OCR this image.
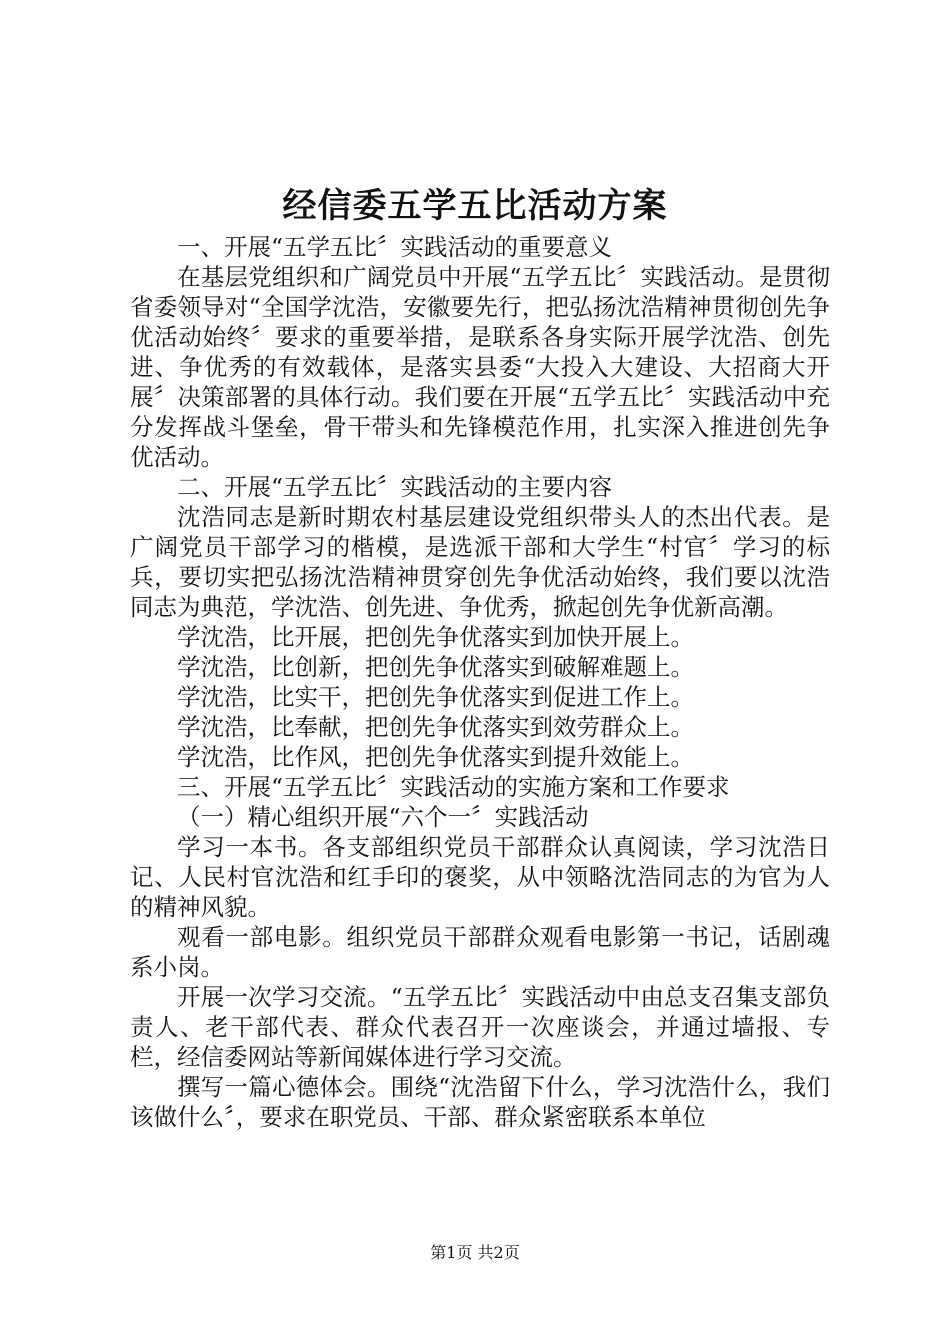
经信委五学五比活动方案

一、开展“五学五比〞实践活动的重要意义

在基层党组织和广阔党员中开展“五学五比〞实践活动。是贯彻省委领导对“全国学沈浩，安徽要先行，把弘扬沈浩精神贯彻创先争优活动始终〞要求的重要举措，是联系各身实际开展学沈浩、创先进、争优秀的有效载体，是落实县委“大投入大建设、大招商大开展〞决策部署的具体行动。我们要在开展“五学五比〞实践活动中充分发挥战斗堡垒，骨干带头和先锋模范作用，扎实深入推进创先争优活动。

二、开展“五学五比〞实践活动的主要内容

沈浩同志是新时期农村基层建设党组织带头人的杰出代表。是广阔党员干部学习的楷模，是选派干部和大学生“村官〞学习的标兵，要切实把弘扬沈浩精神贯穿创先争优活动始终，我们要以沈浩同志为典范，学沈浩、创先进、争优秀，掀起创先争优新高潮。

学沈浩，比开展，把创先争优落实到加快开展上。

学沈浩，比创新，把创先争优落实到破解难题上。

学沈浩，比实干，把创先争优落实到促进工作上。

学沈浩，比奉献，把创先争优落实到效劳群众上。

学沈浩，比作风，把创先争优落实到提升效能上。

三、开展“五学五比〞实践活动的实施方案和工作要求

（一）精心组织开展“六个一〞实践活动

学习一本书。各支部组织党员干部群众认真阅读，学习沈浩日记、人民村官沈浩和红手印的褒奖，从中领略沈浩同志的为官为人的精神风貌。

观看一部电影。组织党员干部群众观看电影第一书记，话剧魂系小岗。

开展一次学习交流。“五学五比〞实践活动中由总支召集支部负责人、老干部代表、群众代表召开一次座谈会，并通过墙报、专栏，经信委网站等新闻媒体进行学习交流。

撰写一篇心德体会。围绕“沈浩留下什么，学习沈浩什么，我们该做什么〞，要求在职党员、干部、群众紧密联系本单位

第1页 共2页
